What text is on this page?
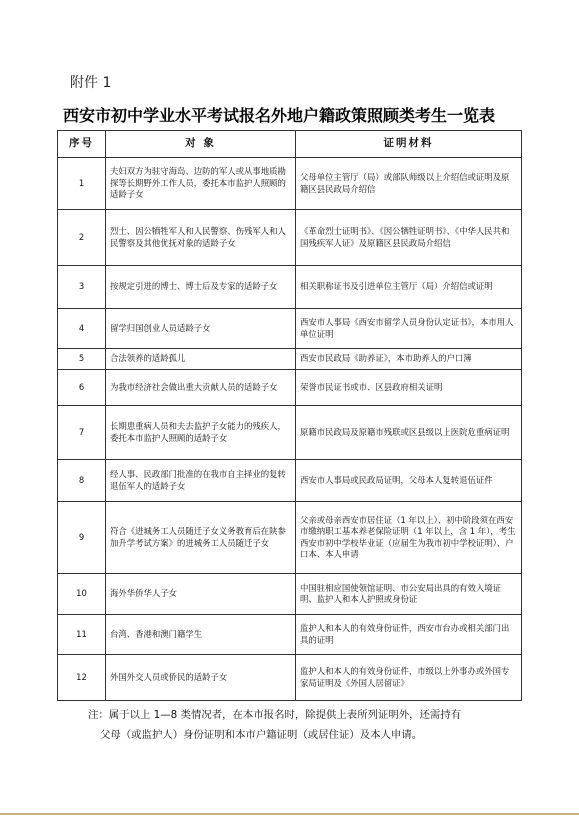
附件 1
西安市初中学业水平考试报名外地户籍政策照顾类考生一览表
序号	对 象	证明材料
1	夫妇双方为驻守海岛、边防的军人或从事地质勘探等长期野外工作人员，委托本市监护人照顾的适龄子女	父母单位主管厅（局）或部队师级以上介绍信或证明及原籍区县民政局介绍信
2	烈士、因公牺牲军人和人民警察、伤残军人和人民警察及其他优抚对象的适龄子女	《革命烈士证明书》、《因公牺牲证明书》、《中华人民共和国残疾军人证》及原籍区县民政局介绍信
3	按规定引进的博士、博士后及专家的适龄子女	相关职称证书及引进单位主管厅（局）介绍信或证明
4	留学归国创业人员适龄子女	西安市人事局《西安市留学人员身份认定证书》，本市用人单位证明
5	合法领养的适龄孤儿	西安市民政局《助养证》，本市助养人的户口簿
6	为我市经济社会做出重大贡献人员的适龄子女	荣誉市民证书或市、区县政府相关证明
7	长期患重病人员和夫去监护子女能力的残疾人，委托本市监护人照顾的适龄子女	原籍市民政局及原籍市残联或区县级以上医院危重病证明
8	经人事、民政部门批准的在我市自主择业的复转退伍军人的适龄子女	西安市人事局或民政局证明，父母本人复转退伍证件
9	符合《进城务工人员随迁子女义务教育后在陕参加升学考试方案》的进城务工人员随迁子女	父亲或母亲西安市居住证（1 年以上）、初中阶段须在西安市缴纳职工基本养老保险证明（1 年以上，含 1 年），考生西安市初中学校毕业证（应届生为我市初中学校证明）、户口本、本人申请
10	海外华侨华人子女	中国驻相应国使领馆证明、市公安局出具的有效入境证明、监护人和本人护照或身份证
11	台湾、香港和澳门籍学生	监护人和本人的有效身份证件，西安市台办或相关部门出具的证明
12	外国外交人员或侨民的适龄子女	监护人和本人的有效身份证件，市级以上外事办或外国专家局证明及《外国人居留证》
注：属于以上 1—8 类情况者，在本市报名时，除提供上表所列证明外，还需持有
父母（或监护人）身份证明和本市户籍证明（或居住证）及本人申请。
